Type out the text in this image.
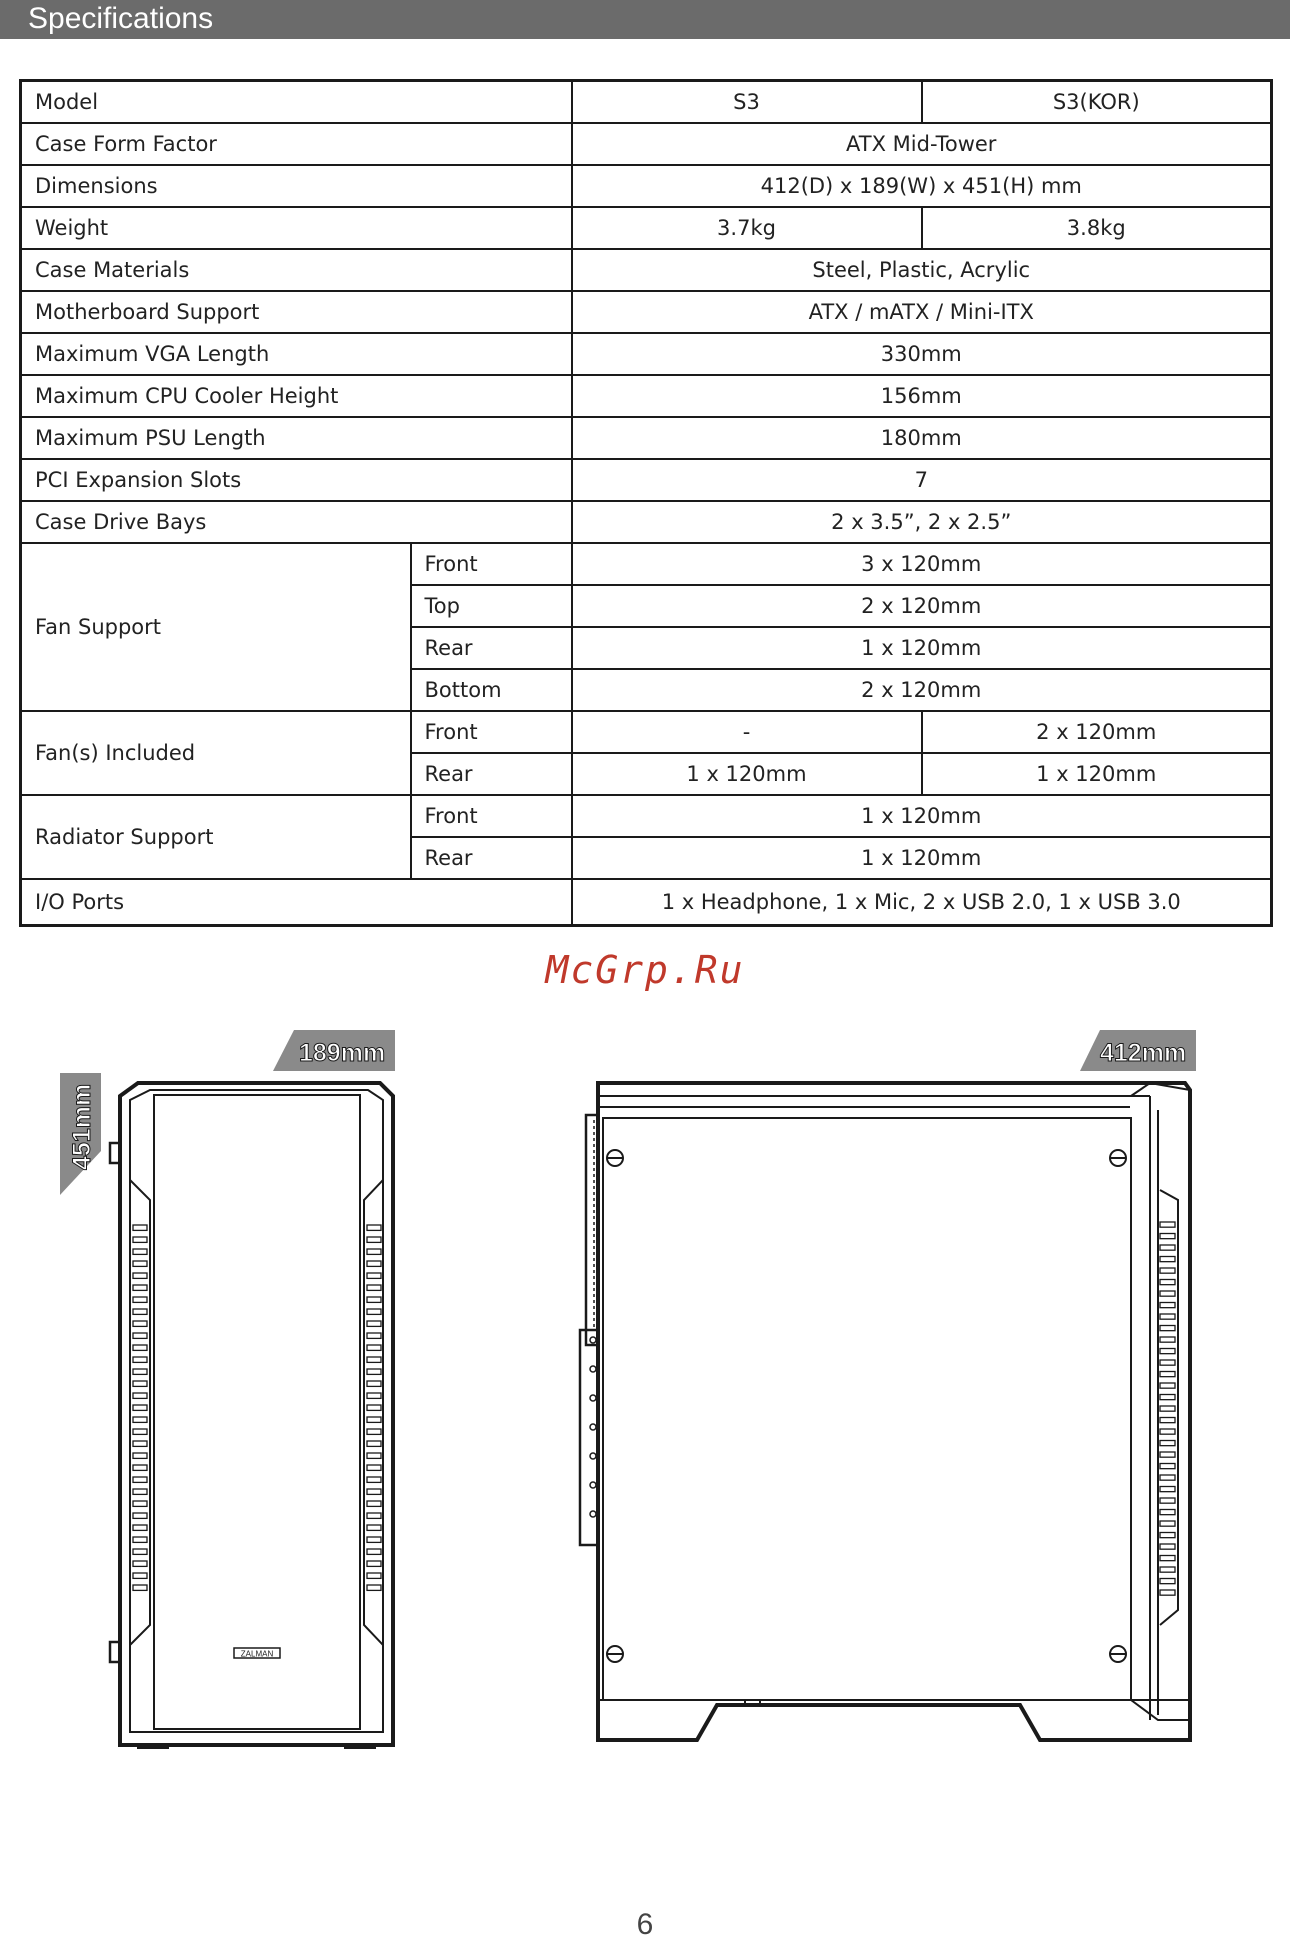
Specifications
Model		S3	S3(KOR)
Case Form Factor		ATX Mid-Tower	
Dimensions		412(D) x 189(W) x 451(H) mm	
Weight		3.7kg	3.8kg
Case Materials		Steel, Plastic, Acrylic	
Motherboard Support		ATX / mATX / Mini-ITX	
Maximum VGA Length		330mm	
Maximum CPU Cooler Height		156mm	
Maximum PSU Length		180mm	
PCI Expansion Slots		7	
Case Drive Bays		2 x 3.5”, 2 x 2.5”	
Fan Support	Front	3 x 120mm	
	Top	2 x 120mm	
	Rear	1 x 120mm	
	Bottom	2 x 120mm	
Fan(s) Included	Front	-	2 x 120mm
	Rear	1 x 120mm	1 x 120mm
Radiator Support	Front	1 x 120mm	
	Rear	1 x 120mm	
I/O Ports		1 x Headphone, 1 x Mic, 2 x USB 2.0, 1 x USB 3.0	
McGrp.Ru
451mm
189mm
ZALMAN
412mm
6
